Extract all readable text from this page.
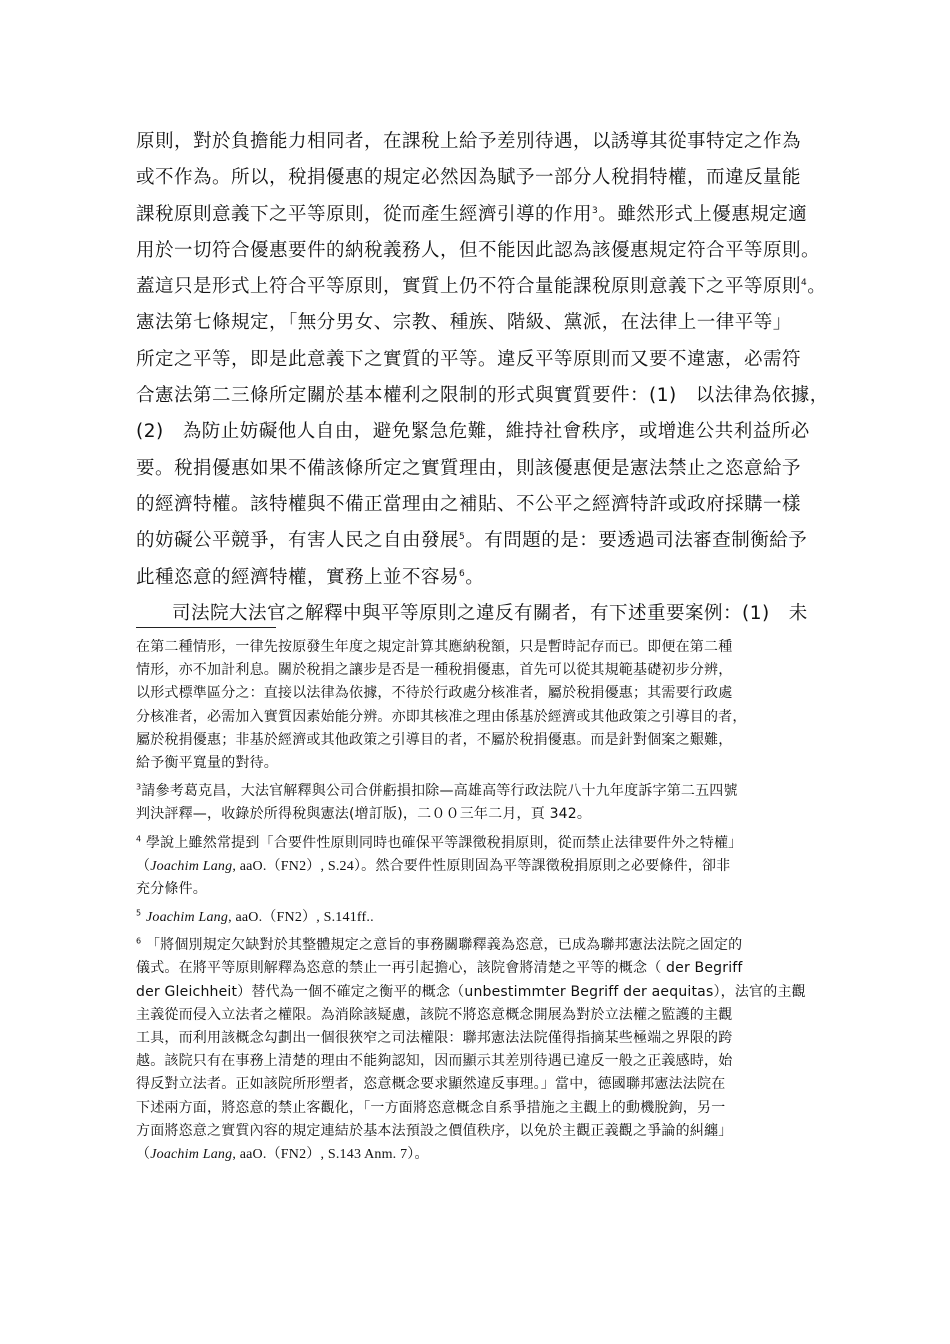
原則，對於負擔能力相同者，在課稅上給予差別待遇，以誘導其從事特定之作為
或不作為。所以，稅捐優惠的規定必然因為賦予一部分人稅捐特權，而違反量能
課稅原則意義下之平等原則，從而產生經濟引導的作用$^3$。雖然形式上優惠規定適
用於一切符合優惠要件的納稅義務人，但不能因此認為該優惠規定符合平等原則。
蓋這只是形式上符合平等原則，實質上仍不符合量能課稅原則意義下之平等原則$^4$。
憲法第七條規定，「無分男女、宗教、種族、階級、黨派，在法律上一律平等」
所定之平等，即是此意義下之實質的平等。違反平等原則而又要不違憲，必需符
合憲法第二三條所定關於基本權利之限制的形式與實質要件：(1)　以法律為依據，
(2)　為防止妨礙他人自由，避免緊急危難，維持社會秩序，或增進公共利益所必
要。稅捐優惠如果不備該條所定之實質理由，則該優惠便是憲法禁止之恣意給予
的經濟特權。該特權與不備正當理由之補貼、不公平之經濟特許或政府採購一樣
的妨礙公平競爭，有害人民之自由發展$^5$。有問題的是：要透過司法審查制衡給予
此種恣意的經濟特權，實務上並不容易$^6$。
司法院大法官之解釋中與平等原則之違反有關者，有下述重要案例：(1)　未
在第二種情形，一律先按原發生年度之規定計算其應納稅額，只是暫時記存而已。即便在第二種
情形，亦不加計利息。關於稅捐之讓步是否是一種稅捐優惠，首先可以從其規範基礎初步分辨，
以形式標準區分之：直接以法律為依據，不待於行政處分核准者，屬於稅捐優惠；其需要行政處
分核准者，必需加入實質因素始能分辨。亦即其核准之理由係基於經濟或其他政策之引導目的者，
屬於稅捐優惠；非基於經濟或其他政策之引導目的者，不屬於稅捐優惠。而是針對個案之艱難，
給予衡平寬量的對待。
$^3$請參考葛克昌，大法官解釋與公司合併虧損扣除—高雄高等行政法院八十九年度訴字第二五四號
判決評釋—，收錄於所得稅與憲法(增訂版)，二００三年二月，頁 342。
$^4$ 學說上雖然常提到「合要件性原則同時也確保平等課徵稅捐原則，從而禁止法律要件外之特權」
（Joachim Lang, aaO.（FN2）, S.24）。然合要件性原則固為平等課徵稅捐原則之必要條件，卻非
充分條件。
$^5$ Joachim Lang, aaO.（FN2）, S.141ff..
$^6$ 「將個別規定欠缺對於其整體規定之意旨的事務關聯釋義為恣意，已成為聯邦憲法法院之固定的
儀式。在將平等原則解釋為恣意的禁止一再引起擔心，該院會將清楚之平等的概念（ der Begriff
der Gleichheit）替代為一個不確定之衡平的概念（unbestimmter Begriff der aequitas），法官的主觀
主義從而侵入立法者之權限。為消除該疑慮，該院不將恣意概念開展為對於立法權之監護的主觀
工具，而利用該概念勾劃出一個很狹窄之司法權限：聯邦憲法法院僅得指摘某些極端之界限的跨
越。該院只有在事務上清楚的理由不能夠認知，因而顯示其差別待遇已違反一般之正義感時，始
得反對立法者。正如該院所形塑者，恣意概念要求顯然違反事理。」當中，德國聯邦憲法法院在
下述兩方面，將恣意的禁止客觀化，「一方面將恣意概念自系爭措施之主觀上的動機脫鉤，另一
方面將恣意之實質內容的規定連結於基本法預設之價值秩序，以免於主觀正義觀之爭論的糾纏」
（Joachim Lang, aaO.（FN2）, S.143 Anm. 7）。
